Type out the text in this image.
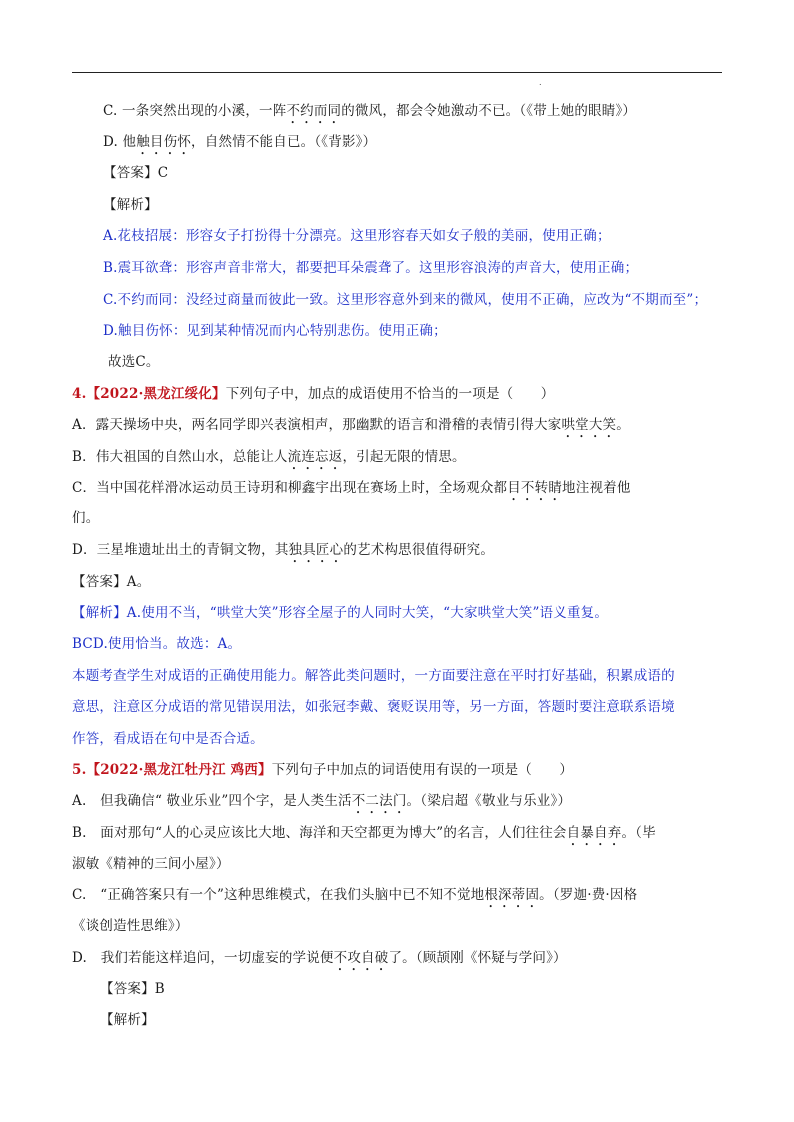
.
C. 一条突然出现的小溪，一阵不约而同的微风，都会令她激动不已。（《带上她的眼睛》）
D. 他触目伤怀，自然情不能自已。（《背影》）
【答案】C
【解析】
A.花枝招展：形容女子打扮得十分漂亮。这里形容春天如女子般的美丽，使用正确；
B.震耳欲聋：形容声音非常大，都要把耳朵震聋了。这里形容浪涛的声音大，使用正确；
C.不约而同：没经过商量而彼此一致。这里形容意外到来的微风，使用不正确，应改为“不期而至”；
D.触目伤怀：见到某种情况而内心特别悲伤。使用正确；
故选C。
4.【2022·黑龙江绥化】下列句子中，加点的成语使用不恰当的一项是（　　）
A．露天操场中央，两名同学即兴表演相声，那幽默的语言和滑稽的表情引得大家哄堂大笑。
B．伟大祖国的自然山水，总能让人流连忘返，引起无限的情思。
C．当中国花样滑冰运动员王诗玥和柳鑫宇出现在赛场上时，全场观众都目不转睛地注视着他
们。
D．三星堆遗址出土的青铜文物，其独具匠心的艺术构思很值得研究。
【答案】A。
【解析】A.使用不当，“哄堂大笑”形容全屋子的人同时大笑，“大家哄堂大笑”语义重复。
BCD.使用恰当。故选：A。
本题考查学生对成语的正确使用能力。解答此类问题时，一方面要注意在平时打好基础，积累成语的
意思，注意区分成语的常见错误用法，如张冠李戴、褒贬误用等，另一方面，答题时要注意联系语境
作答，看成语在句中是否合适。
5.【2022·黑龙江牡丹江 鸡西】下列句子中加点的词语使用有误的一项是（　　）
A.　但我确信“ 敬业乐业”四个字，是人类生活不二法门。（梁启超《敬业与乐业》）
B.　面对那句“人的心灵应该比大地、海洋和天空都更为博大”的名言，人们往往会自暴自弃。（毕
淑敏《精神的三间小屋》）
C.　“正确答案只有一个”这种思维模式，在我们头脑中已不知不觉地根深蒂固。（罗迦·费·因格
《谈创造性思维》）
D.　我们若能这样追问，一切虚妄的学说便不攻自破了。（顾颉刚《怀疑与学问》）
【答案】B
【解析】
